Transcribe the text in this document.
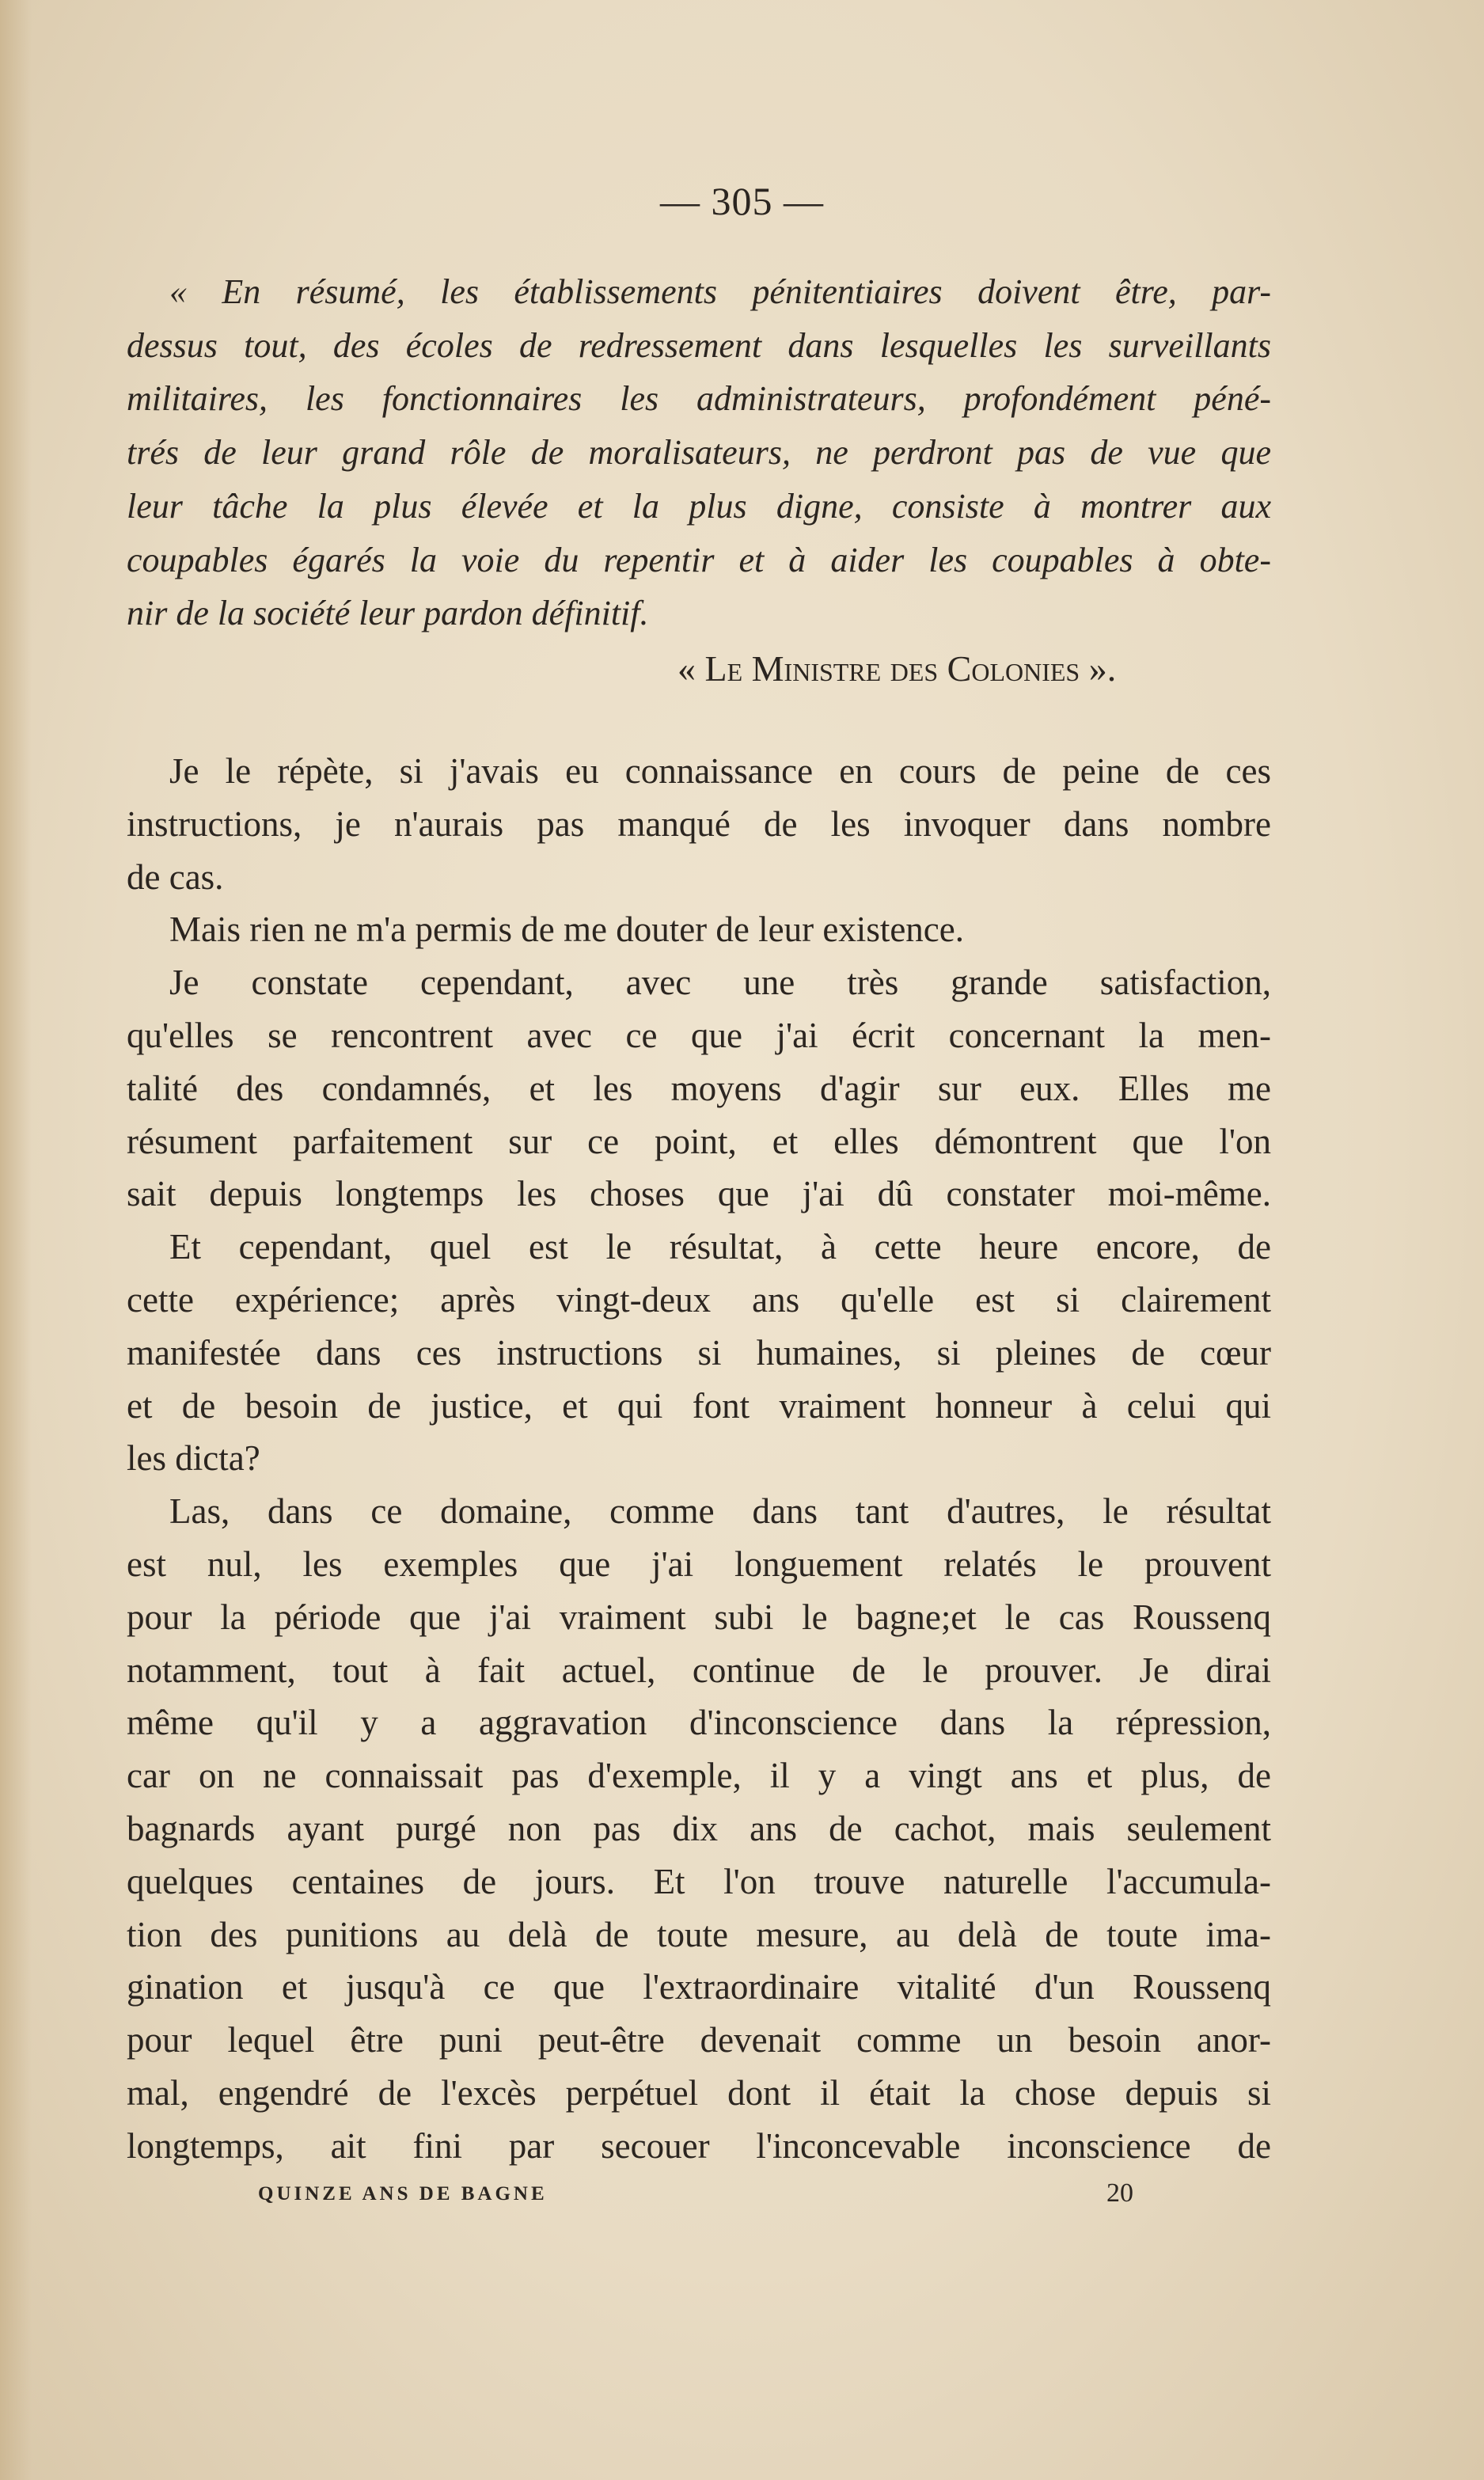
— 305 —
« En résumé, les établissements pénitentiaires doivent être, par-
dessus tout, des écoles de redressement dans lesquelles les surveillants
militaires, les fonctionnaires les administrateurs, profondément péné-
trés de leur grand rôle de moralisateurs, ne perdront pas de vue que
leur tâche la plus élevée et la plus digne, consiste à montrer aux
coupables égarés la voie du repentir et à aider les coupables à obte-
nir de la société leur pardon définitif.
« Le Ministre des Colonies ».
Je le répète, si j'avais eu connaissance en cours de peine de ces
instructions, je n'aurais pas manqué de les invoquer dans nombre
de cas.
Mais rien ne m'a permis de me douter de leur existence.
Je constate cependant, avec une très grande satisfaction,
qu'elles se rencontrent avec ce que j'ai écrit concernant la men-
talité des condamnés, et les moyens d'agir sur eux. Elles me
résument parfaitement sur ce point, et elles démontrent que l'on
sait depuis longtemps les choses que j'ai dû constater moi-même.
Et cependant, quel est le résultat, à cette heure encore, de
cette expérience; après vingt-deux ans qu'elle est si clairement
manifestée dans ces instructions si humaines, si pleines de cœur
et de besoin de justice, et qui font vraiment honneur à celui qui
les dicta?
Las, dans ce domaine, comme dans tant d'autres, le résultat
est nul, les exemples que j'ai longuement relatés le prouvent
pour la période que j'ai vraiment subi le bagne;et le cas Roussenq
notamment, tout à fait actuel, continue de le prouver. Je dirai
même qu'il y a aggravation d'inconscience dans la répression,
car on ne connaissait pas d'exemple, il y a vingt ans et plus, de
bagnards ayant purgé non pas dix ans de cachot, mais seulement
quelques centaines de jours. Et l'on trouve naturelle l'accumula-
tion des punitions au delà de toute mesure, au delà de toute ima-
gination et jusqu'à ce que l'extraordinaire vitalité d'un Roussenq
pour lequel être puni peut-être devenait comme un besoin anor-
mal, engendré de l'excès perpétuel dont il était la chose depuis si
longtemps, ait fini par secouer l'inconcevable inconscience de
QUINZE ANS DE BAGNE	20
